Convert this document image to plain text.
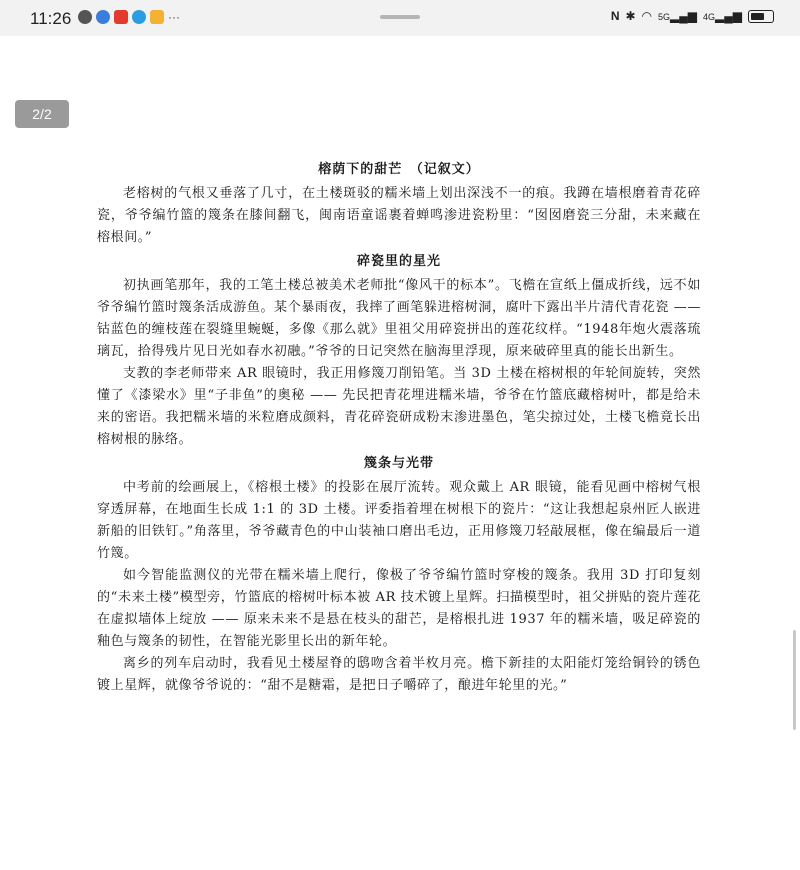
11:26	···	N ✱ ◠ 5G▂▄▆ 4G▂▄▆
2/2

榕荫下的甜芒　（记叙文）

老榕树的气根又垂落了几寸，在土楼斑驳的糯米墙上划出深浅不一的痕。我蹲在墙根磨着青花碎瓷，爷爷编竹篮的篾条在膝间翻飞，闽南语童谣裹着蝉鸣渗进瓷粉里：“囡囡磨瓷三分甜，未来藏在榕根间。”

碎瓷里的星光

初执画笔那年，我的工笔土楼总被美术老师批“像风干的标本”。飞檐在宣纸上僵成折线，远不如爷爷编竹篮时篾条活成游鱼。某个暴雨夜，我摔了画笔躲进榕树洞，腐叶下露出半片清代青花瓷 —— 钴蓝色的缠枝莲在裂缝里蜿蜒，多像《那么就》里祖父用碎瓷拼出的莲花纹样。“1948年炮火震落琉璃瓦，拾得残片见日光如春水初融。”爷爷的日记突然在脑海里浮现，原来破碎里真的能长出新生。

支教的李老师带来 AR 眼镜时，我正用修篾刀削铅笔。当 3D 土楼在榕树根的年轮间旋转，突然懂了《漆梁水》里“子非鱼”的奥秘 —— 先民把青花埋进糯米墙，爷爷在竹篮底藏榕树叶，都是给未来的密语。我把糯米墙的米粒磨成颜料，青花碎瓷研成粉末渗进墨色，笔尖掠过处，土楼飞檐竟长出榕树根的脉络。

篾条与光带

中考前的绘画展上，《榕根土楼》的投影在展厅流转。观众戴上 AR 眼镜，能看见画中榕树气根穿透屏幕，在地面生长成 1:1 的 3D 土楼。评委指着埋在树根下的瓷片：“这让我想起泉州匠人嵌进新船的旧铁钉。”角落里，爷爷藏青色的中山装袖口磨出毛边，正用修篾刀轻敲展框，像在编最后一道竹篾。

如今智能监测仪的光带在糯米墙上爬行，像极了爷爷编竹篮时穿梭的篾条。我用 3D 打印复刻的“未来土楼”模型旁，竹篮底的榕树叶标本被 AR 技术镀上星辉。扫描模型时，祖父拼贴的瓷片莲花在虚拟墙体上绽放 —— 原来未来不是悬在枝头的甜芒，是榕根扎进 1937 年的糯米墙，吸足碎瓷的釉色与篾条的韧性，在智能光影里长出的新年轮。

离乡的列车启动时，我看见土楼屋脊的鸱吻含着半枚月亮。檐下新挂的太阳能灯笼给铜铃的锈色镀上星辉，就像爷爷说的：“甜不是糖霜，是把日子嚼碎了，酿进年轮里的光。”
